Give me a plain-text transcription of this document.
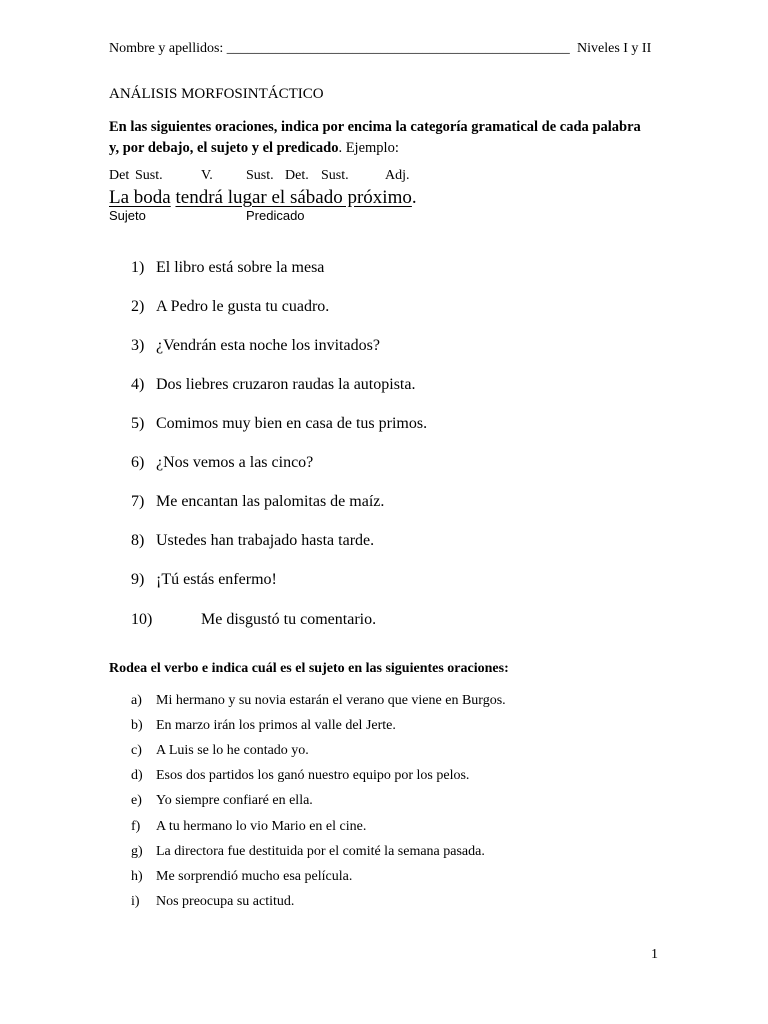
Nombre y apellidos: _________________________________________________ Niveles I y II
ANÁLISIS MORFOSINTÁCTICO
En las siguientes oraciones, indica por encima la categoría gramatical de cada palabra y, por debajo, el sujeto y el predicado. Ejemplo:
Det Sust.	V. Sust. Det. Sust.	Adj.
La boda tendrá lugar el sábado próximo.
Sujeto	Predicado
1) El libro está sobre la mesa
2) A Pedro le gusta tu cuadro.
3) ¿Vendrán esta noche los invitados?
4) Dos liebres cruzaron raudas la autopista.
5) Comimos muy bien en casa de tus primos.
6) ¿Nos vemos a las cinco?
7) Me encantan las palomitas de maíz.
8) Ustedes han trabajado hasta tarde.
9) ¡Tú estás enfermo!
10)	Me disgustó tu comentario.
Rodea el verbo e indica cuál es el sujeto en las siguientes oraciones:
a) Mi hermano y su novia estarán el verano que viene en Burgos.
b) En marzo irán los primos al valle del Jerte.
c) A Luis se lo he contado yo.
d) Esos dos partidos los ganó nuestro equipo por los pelos.
e) Yo siempre confiaré en ella.
f) A tu hermano lo vio Mario en el cine.
g) La directora fue destituida por el comité la semana pasada.
h) Me sorprendió mucho esa película.
i) Nos preocupa su actitud.
1
